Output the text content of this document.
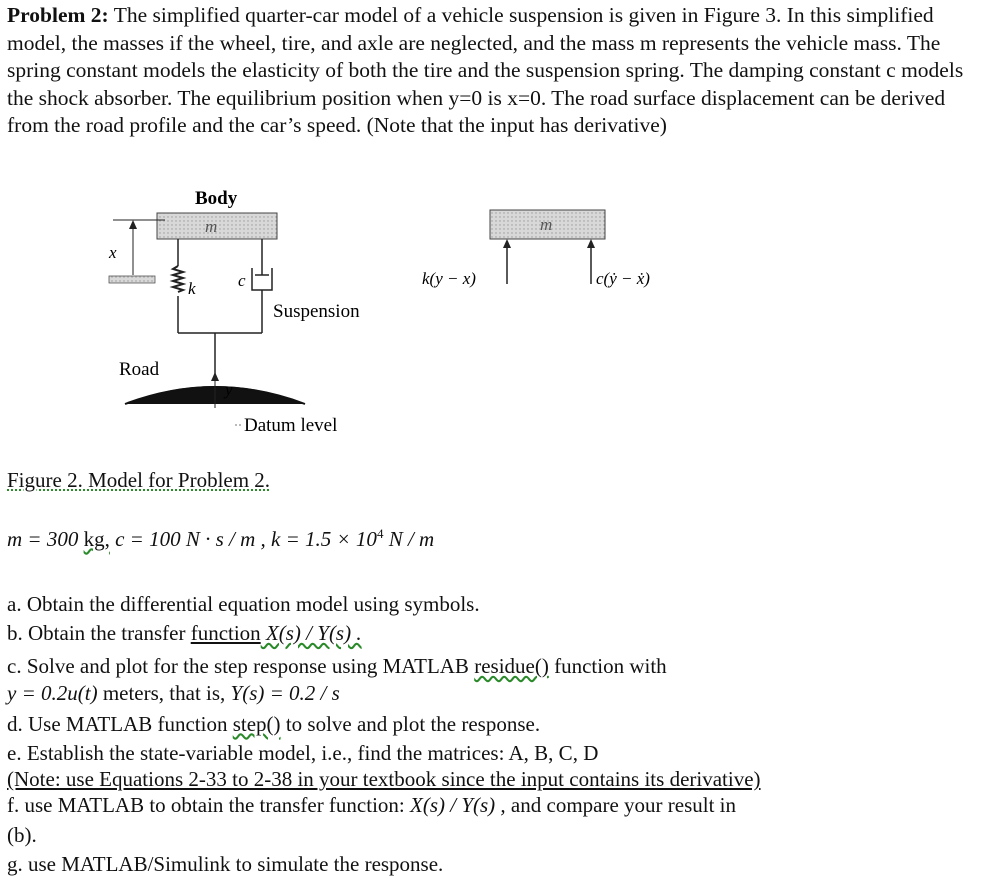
Problem 2: The simplified quarter-car model of a vehicle suspension is given in Figure 3. In this simplified model, the masses if the wheel, tire, and axle are neglected, and the mass m represents the vehicle mass. The spring constant models the elasticity of both the tire and the suspension spring. The damping constant c models the shock absorber. The equilibrium position when y=0 is x=0. The road surface displacement can be derived from the road profile and the car’s speed. (Note that the input has derivative)
Body
m
x
k c
Suspension
Road
y
Datum level
m
k(y − x)	c(ẏ − ẋ)
Figure 2. Model for Problem 2.
m = 300 kg, c = 100 N · s / m , $k = 1.5 \times 10^4$ N / m
a. Obtain the differential equation model using symbols.
b. Obtain the transfer function X(s) / Y(s) .
c. Solve and plot for the step response using MATLAB residue() function with
y = 0.2u(t) meters, that is, Y(s) = 0.2 / s
d. Use MATLAB function step() to solve and plot the response.
e. Establish the state-variable model, i.e., find the matrices: A, B, C, D
(Note: use Equations 2-33 to 2-38 in your textbook since the input contains its derivative)
f. use MATLAB to obtain the transfer function: X(s) / Y(s) , and compare your result in
(b).
g. use MATLAB/Simulink to simulate the response.
